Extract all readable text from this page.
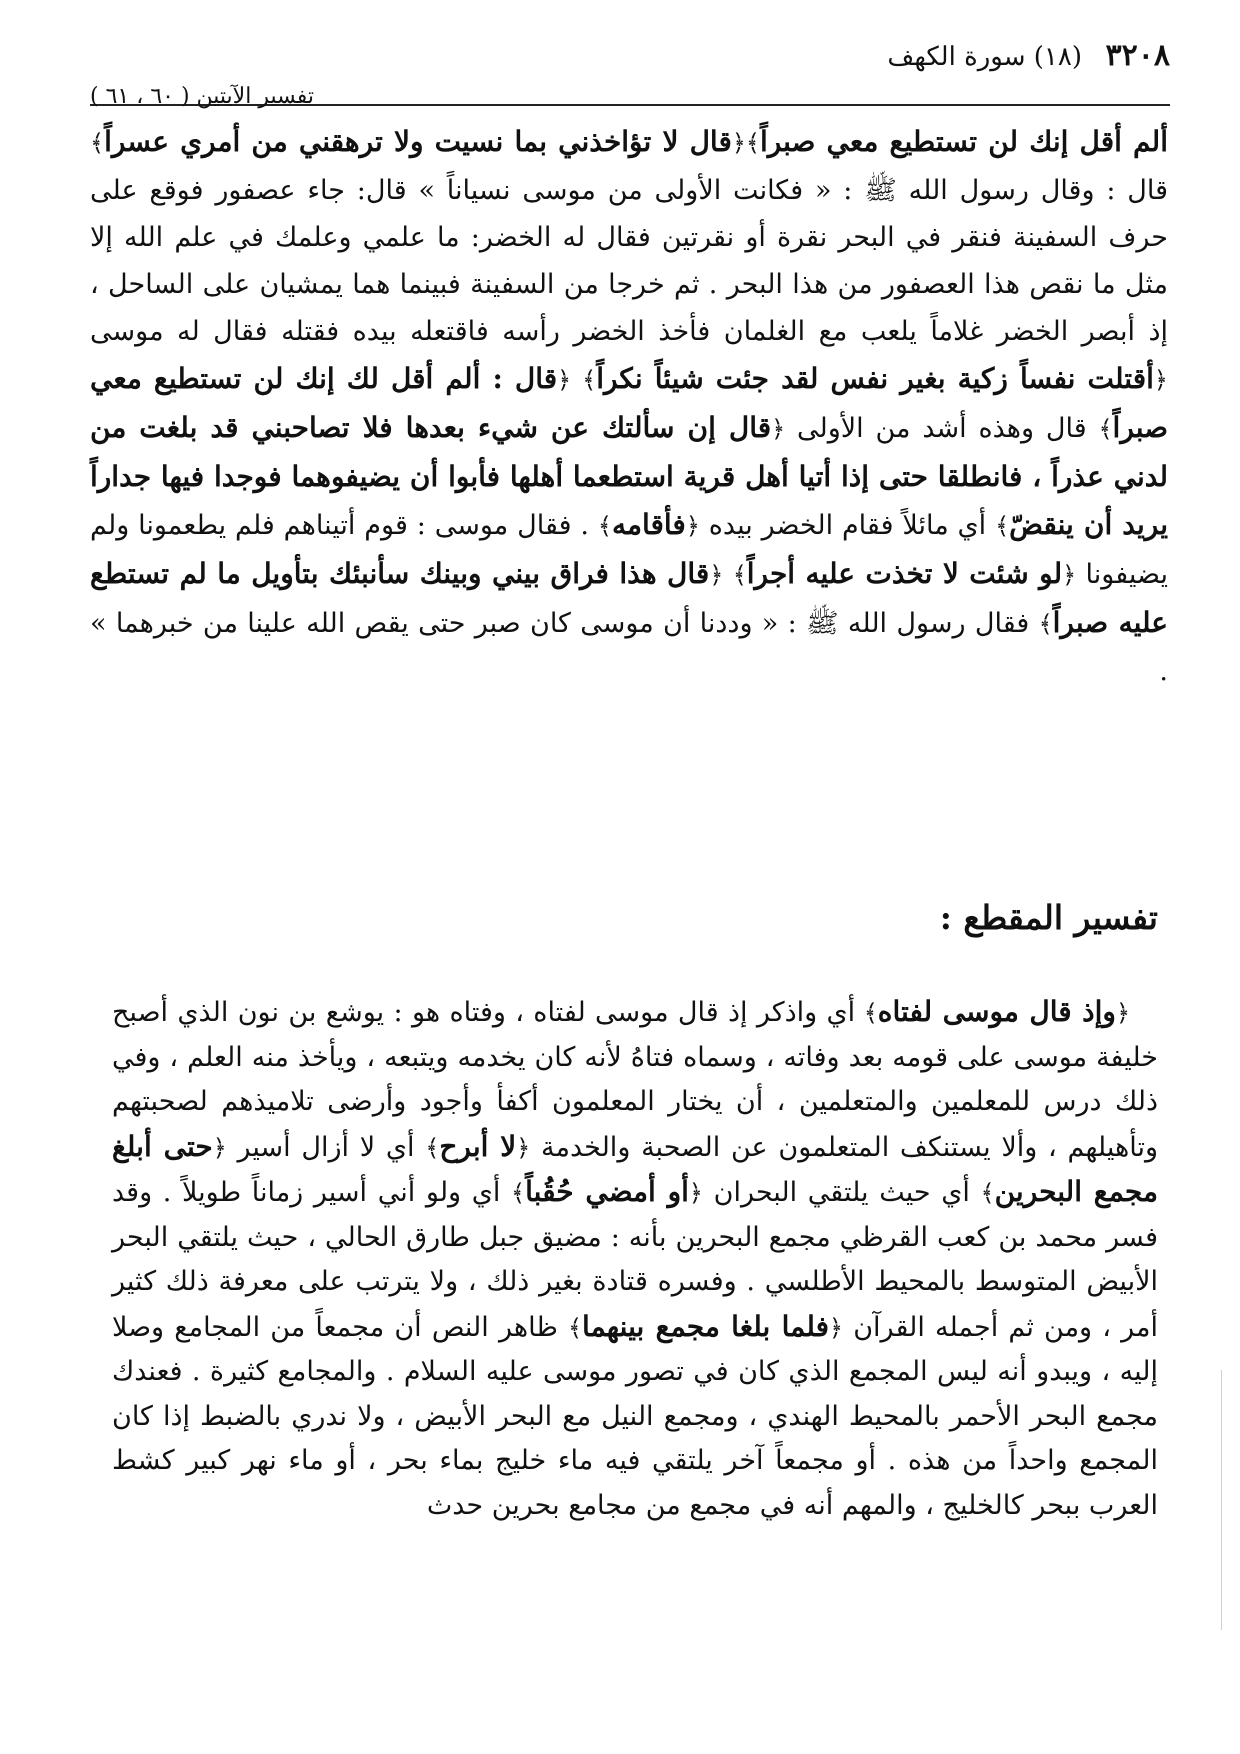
٣٢٠٨
(١٨) سورة الكهف
تفسير الآيتين ( ٦٠ ، ٦١ )

ألم أقل إنك لن تستطيع معي صبراً﴾﴿قال لا تؤاخذني بما نسيت ولا ترهقني من أمري عسراً﴾ قال : وقال رسول الله ﷺ : « فكانت الأولى من موسى نسياناً » قال: جاء عصفور فوقع على حرف السفينة فنقر في البحر نقرة أو نقرتين فقال له الخضر: ما علمي وعلمك في علم الله إلا مثل ما نقص هذا العصفور من هذا البحر . ثم خرجا من السفينة فبينما هما يمشيان على الساحل ، إذ أبصر الخضر غلاماً يلعب مع الغلمان فأخذ الخضر رأسه فاقتعله بيده فقتله فقال له موسى ﴿أقتلت نفساً زكية بغير نفس لقد جئت شيئاً نكراً﴾ ﴿قال : ألم أقل لك إنك لن تستطيع معي صبراً﴾ قال وهذه أشد من الأولى ﴿قال إن سألتك عن شيء بعدها فلا تصاحبني قد بلغت من لدني عذراً ، فانطلقا حتى إذا أتيا أهل قرية استطعما أهلها فأبوا أن يضيفوهما فوجدا فيها جداراً يريد أن ينقضّ﴾ أي مائلاً فقام الخضر بيده ﴿فأقامه﴾ . فقال موسى : قوم أتيناهم فلم يطعمونا ولم يضيفونا ﴿لو شئت لا تخذت عليه أجراً﴾ ﴿قال هذا فراق بيني وبينك سأنبئك بتأويل ما لم تستطع عليه صبراً﴾ فقال رسول الله ﷺ : « وددنا أن موسى كان صبر حتى يقص الله علينا من خبرهما » .

تفسير المقطع :

﴿وإذ قال موسى لفتاه﴾ أي واذكر إذ قال موسى لفتاه ، وفتاه هو : يوشع بن نون الذي أصبح خليفة موسى على قومه بعد وفاته ، وسماه فتاهُ لأنه كان يخدمه ويتبعه ، ويأخذ منه العلم ، وفي ذلك درس للمعلمين والمتعلمين ، أن يختار المعلمون أكفأ وأجود وأرضى تلاميذهم لصحبتهم وتأهيلهم ، وألا يستنكف المتعلمون عن الصحبة والخدمة ﴿لا أبرح﴾ أي لا أزال أسير ﴿حتى أبلغ مجمع البحرين﴾ أي حيث يلتقي البحران ﴿أو أمضي حُقُباً﴾ أي ولو أني أسير زماناً طويلاً . وقد فسر محمد بن كعب القرظي مجمع البحرين بأنه : مضيق جبل طارق الحالي ، حيث يلتقي البحر الأبيض المتوسط بالمحيط الأطلسي . وفسره قتادة بغير ذلك ، ولا يترتب على معرفة ذلك كثير أمر ، ومن ثم أجمله القرآن ﴿فلما بلغا مجمع بينهما﴾ ظاهر النص أن مجمعاً من المجامع وصلا إليه ، ويبدو أنه ليس المجمع الذي كان في تصور موسى عليه السلام . والمجامع كثيرة . فعندك مجمع البحر الأحمر بالمحيط الهندي ، ومجمع النيل مع البحر الأبيض ، ولا ندري بالضبط إذا كان المجمع واحداً من هذه . أو مجمعاً آخر يلتقي فيه ماء خليج بماء بحر ، أو ماء نهر كبير كشط العرب ببحر كالخليج ، والمهم أنه في مجمع من مجامع بحرين حدث
